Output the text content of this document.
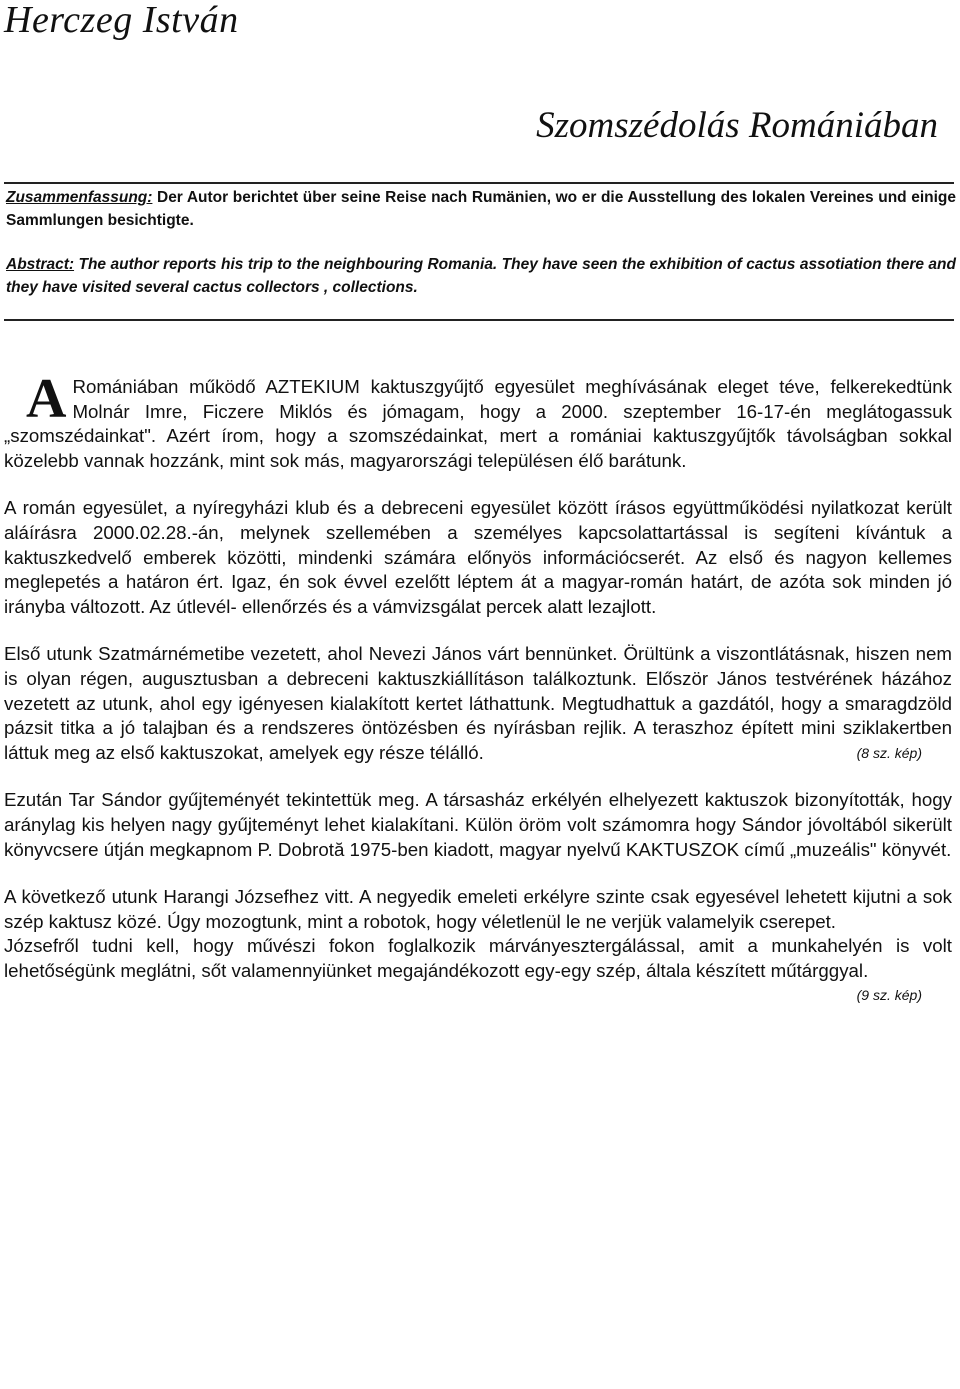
Herczeg István
Szomszédolás Romániában

Zusammenfassung: Der Autor berichtet über seine Reise nach Rumänien, wo er die Ausstellung des lokalen Vereines und einige Sammlungen besichtigte.

Abstract: The author reports his trip to the neighbouring Romania. They have seen the exhibition of cactus assotiation there and they have visited several cactus collectors , collections.

A Romániában működő AZTEKIUM kaktuszgyűjtő egyesület meghívásának eleget téve, felkerekedtünk Molnár Imre, Ficzere Miklós és jómagam, hogy a 2000. szeptember 16-17-én meglátogassuk „szomszédainkat". Azért írom, hogy a szomszédainkat, mert a romániai kaktuszgyűjtők távolságban sokkal közelebb vannak hozzánk, mint sok más, magyarországi településen élő barátunk.

A román egyesület, a nyíregyházi klub és a debreceni egyesület között írásos együttműködési nyilatkozat került aláírásra 2000.02.28.-án, melynek szellemében a személyes kapcsolattartással is segíteni kívántuk a kaktuszkedvelő emberek közötti, mindenki számára előnyös információcserét. Az első és nagyon kellemes meglepetés a határon ért. Igaz, én sok évvel ezelőtt léptem át a magyar-román határt, de azóta sok minden jó irányba változott. Az útlevél- ellenőrzés és a vámvizsgálat percek alatt lezajlott.

Első utunk Szatmárnémetibe vezetett, ahol Nevezi János várt bennünket. Örültünk a viszontlátásnak, hiszen nem is olyan régen, augusztusban a debreceni kaktuszkiállításon találkoztunk. Először János testvérének házához vezetett az utunk, ahol egy igényesen kialakított kertet láthattunk. Megtudhattuk a gazdától, hogy a smaragdzöld pázsit titka a jó talajban és a rendszeres öntözésben és nyírásban rejlik. A teraszhoz épített mini sziklakertben láttuk meg az első kaktuszokat, amelyek egy része télálló.	(8 sz. kép)

Ezután Tar Sándor gyűjteményét tekintettük meg. A társasház erkélyén elhelyezett kaktuszok bizonyították, hogy aránylag kis helyen nagy gyűjteményt lehet kialakítani. Külön öröm volt számomra hogy Sándor jóvoltából sikerült könyvcsere útján megkapnom P. Dobrotă 1975-ben kiadott, magyar nyelvű KAKTUSZOK című „muzeális" könyvét.

A következő utunk Harangi Józsefhez vitt. A negyedik emeleti erkélyre szinte csak egyesével lehetett kijutni a sok szép kaktusz közé. Úgy mozogtunk, mint a robotok, hogy véletlenül le ne verjük valamelyik cserepet.

Józsefről tudni kell, hogy művészi fokon foglalkozik márványesztergálással, amit a munkahelyén is volt lehetőségünk meglátni, sőt valamennyiünket megajándékozott egy-egy szép, általa készített műtárggyal.
(9 sz. kép)
